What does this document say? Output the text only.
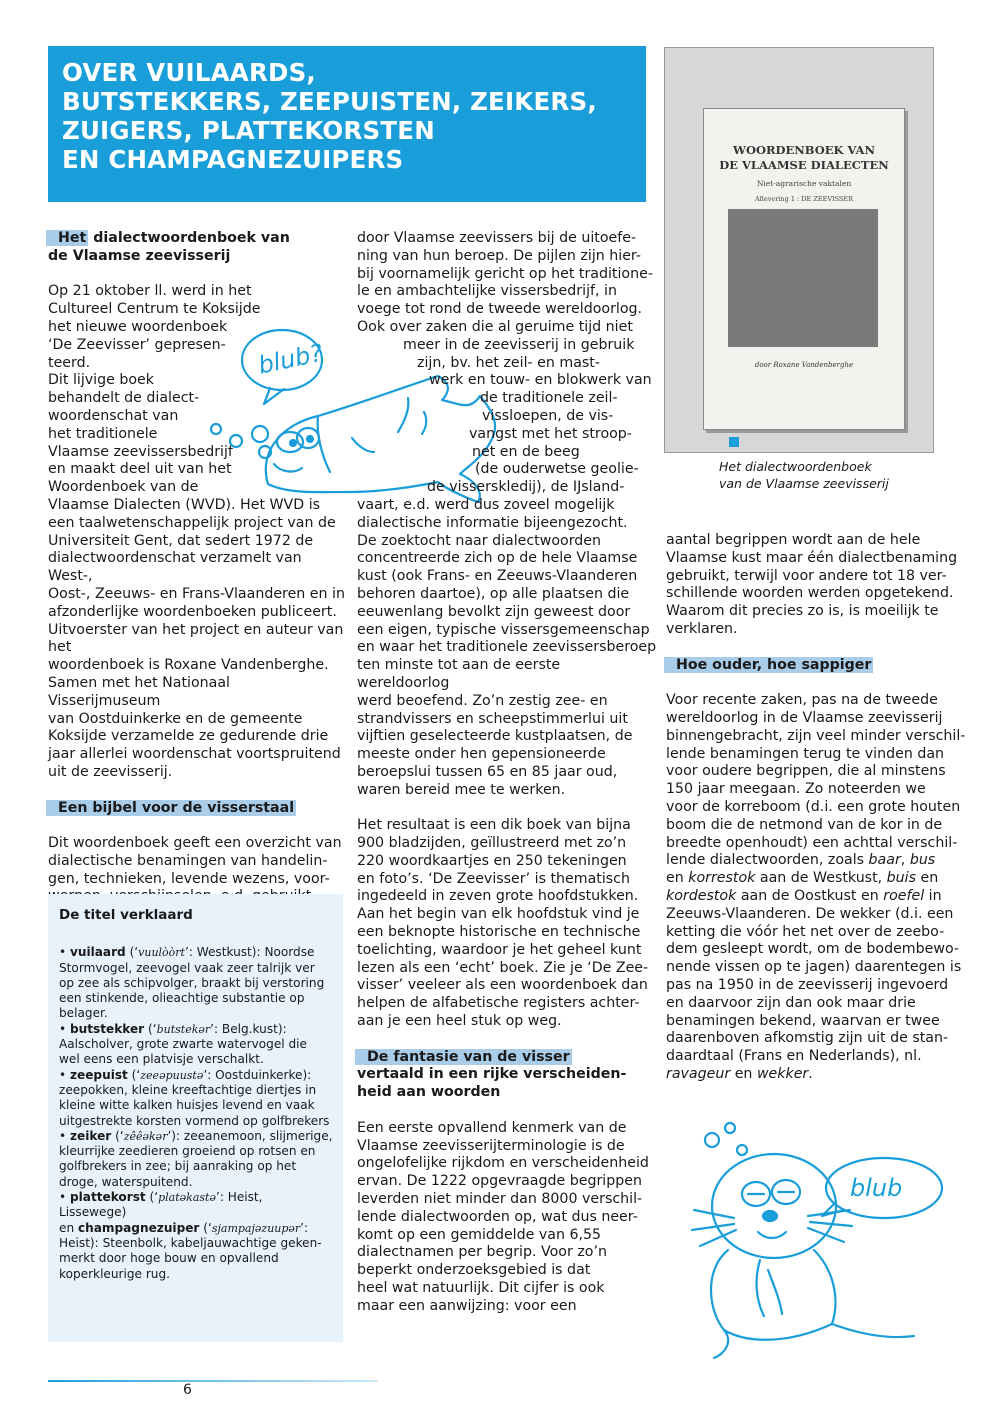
OVER VUILAARDS,
BUTSTEKKERS, ZEEPUISTEN, ZEIKERS,
ZUIGERS, PLATTEKORSTEN
EN CHAMPAGNEZUIPERS
Het dialectwoordenboek van
de Vlaamse zeevisserij
Op 21 oktober ll. werd in het
Cultureel Centrum te Koksijde
het nieuwe woordenboek
‘De Zeevisser’ gepresen-
teerd.
Dit lijvige boek
behandelt de dialect-
woordenschat van
het traditionele
Vlaamse zeevissersbedrijf
en maakt deel uit van het
Woordenboek van de
Vlaamse Dialecten (WVD). Het WVD is
een taalwetenschappelijk project van de
Universiteit Gent, dat sedert 1972 de
dialectwoordenschat verzamelt van West-,
Oost-, Zeeuws- en Frans-Vlaanderen en in
afzonderlijke woordenboeken publiceert.
Uitvoerster van het project en auteur van het
woordenboek is Roxane Vandenberghe.
Samen met het Nationaal Visserijmuseum
van Oostduinkerke en de gemeente
Koksijde verzamelde ze gedurende drie
jaar allerlei woordenschat voortspruitend
uit de zeevisserij.
Een bijbel voor de visserstaal
Dit woordenboek geeft een overzicht van
dialectische benamingen van handelin-
gen, technieken, levende wezens, voor-
blub?
De titel verklaard

• vuilaard (‘vuulòòrt’: Westkust): Noordse

Stormvogel, zeevogel vaak zeer talrijk ver
op zee als schipvolger, braakt bij verstoring
een stinkende, olieachtige substantie op
belager.

• butstekker (‘butstekər’: Belg.kust):

Aalscholver, grote zwarte watervogel die
wel eens een platvisje verschalkt.

• zeepuist (‘zeeəpuustə’: Oostduinkerke):

zeepokken, kleine kreeftachtige diertjes in
kleine witte kalken huisjes levend en vaak
uitgestrekte korsten vormend op golfbrekers

• zeiker (‘zêêəkər’): zeeanemoon, slijmerige,

kleurrijke zeedieren groeiend op rotsen en
golfbrekers in zee; bij aanraking op het
droge, waterspuitend.

• plattekorst (‘platəkastə’: Heist, Lissewege)

en champagnezuiper (‘sjampajəzuupər’:

Heist): Steenbolk, kabeljauwachtige geken-
merkt door hoge bouw en opvallend
koperkleurige rug.
door Vlaamse zeevissers bij de uitoefe-
ning van hun beroep. De pijlen zijn hier-
bij voornamelijk gericht op het traditione-
le en ambachtelijke vissersbedrijf, in
voege tot rond de tweede wereldoorlog.
Ook over zaken die al geruime tijd niet
meer in de zeevisserij in gebruik
zijn, bv. het zeil- en mast-
werk en touw- en blokwerk van
de traditionele zeil-
vissloepen, de vis-
vangst met het stroop-
net en de beeg
(de ouderwetse geolie-
de visserskledij), de IJsland-
vaart, e.d. werd dus zoveel mogelijk
dialectische informatie bijeengezocht.
De zoektocht naar dialectwoorden
concentreerde zich op de hele Vlaamse
kust (ook Frans- en Zeeuws-Vlaanderen
behoren daartoe), op alle plaatsen die
eeuwenlang bevolkt zijn geweest door
een eigen, typische vissersgemeenschap
en waar het traditionele zeevissersberoep
ten minste tot aan de eerste wereldoorlog
werd beoefend. Zo’n zestig zee- en
strandvissers en scheepstimmerlui uit
vijftien geselecteerde kustplaatsen, de
meeste onder hen gepensioneerde
beroepslui tussen 65 en 85 jaar oud,
waren bereid mee te werken.
Het resultaat is een dik boek van bijna
900 bladzijden, geïllustreerd met zo’n
220 woordkaartjes en 250 tekeningen
en foto’s. ‘De Zeevisser’ is thematisch
ingedeeld in zeven grote hoofdstukken.
Aan het begin van elk hoofdstuk vind je
een beknopte historische en technische
toelichting, waardoor je het geheel kunt
lezen als een ‘echt’ boek. Zie je ‘De Zee-
visser’ veeleer als een woordenboek dan
helpen de alfabetische registers achter-
aan je een heel stuk op weg.
De fantasie van de visser
vertaald in een rijke verscheiden-
heid aan woorden
Een eerste opvallend kenmerk van de
Vlaamse zeevisserijterminologie is de
ongelofelijke rijkdom en verscheidenheid
ervan. De 1222 opgevraagde begrippen
leverden niet minder dan 8000 verschil-
lende dialectwoorden op, wat dus neer-
komt op een gemiddelde van 6,55
dialectnamen per begrip. Voor zo’n
beperkt onderzoeksgebied is dat
heel wat natuurlijk. Dit cijfer is ook
maar een aanwijzing: voor een
WOORDENBOEK VAN
DE VLAAMSE DIALECTEN
Niet-agrarische vaktalen
Aflevering 1 : DE ZEEVISSER
door Roxane Vandenberghe
Het dialectwoordenboek
van de Vlaamse zeevisserij
aantal begrippen wordt aan de hele
Vlaamse kust maar één dialectbenaming
gebruikt, terwijl voor andere tot 18 ver-
schillende woorden werden opgetekend.
Waarom dit precies zo is, is moeilijk te
verklaren.
Hoe ouder, hoe sappiger
Voor recente zaken, pas na de tweede
wereldoorlog in de Vlaamse zeevisserij
binnengebracht, zijn veel minder verschil-
lende benamingen terug te vinden dan
voor oudere begrippen, die al minstens
150 jaar meegaan. Zo noteerden we
voor de korreboom (d.i. een grote houten
boom die de netmond van de kor in de
breedte openhoudt) een achttal verschil-
lende dialectwoorden, zoals baar, bus

en korrestok aan de Westkust, buis en

kordestok aan de Oostkust en roefel in

Zeeuws-Vlaanderen. De wekker (d.i. een
ketting die vóór het net over de zeebo-
dem gesleept wordt, om de bodembewo-
nende vissen op te jagen) daarentegen is
pas na 1950 in de zeevisserij ingevoerd
en daarvoor zijn dan ook maar drie
benamingen bekend, waarvan er twee
daarenboven afkomstig zijn uit de stan-
daardtaal (Frans en Nederlands), nl.

ravageur en wekker.

blub
6
